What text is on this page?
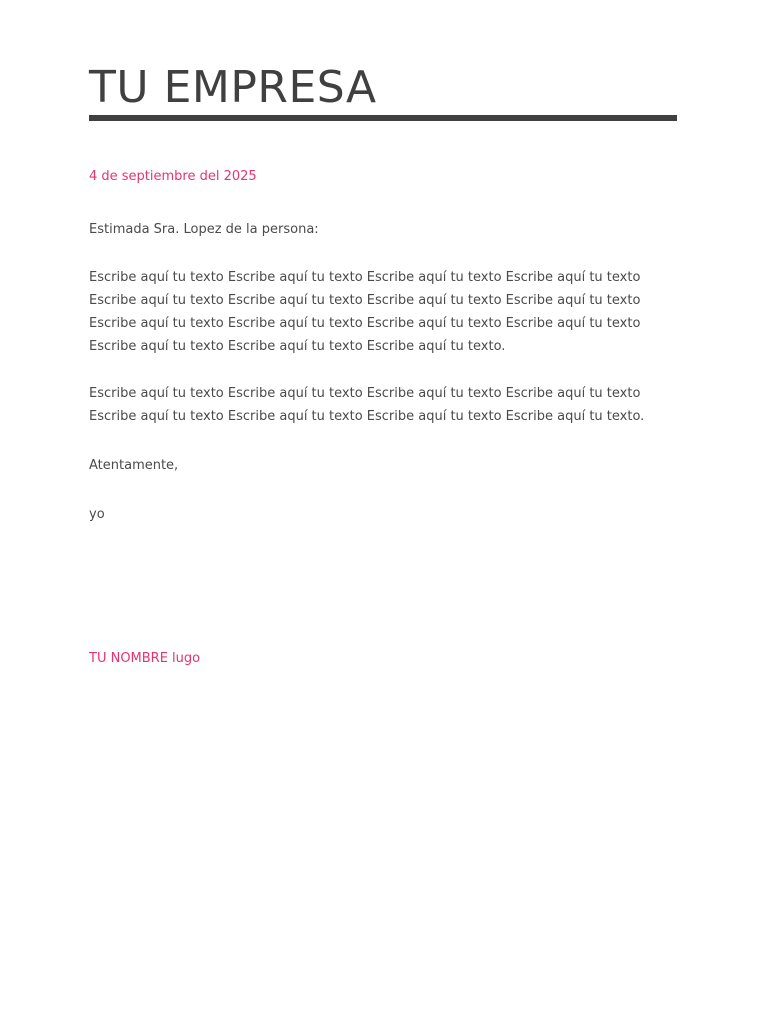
TU EMPRESA
4 de septiembre del 2025
Estimada Sra. Lopez de la persona:

Escribe aquí tu texto Escribe aquí tu texto Escribe aquí tu texto Escribe aquí tu texto Escribe aquí tu texto Escribe aquí tu texto Escribe aquí tu texto Escribe aquí tu texto Escribe aquí tu texto Escribe aquí tu texto Escribe aquí tu texto Escribe aquí tu texto Escribe aquí tu texto Escribe aquí tu texto Escribe aquí tu texto.

Escribe aquí tu texto Escribe aquí tu texto Escribe aquí tu texto Escribe aquí tu texto Escribe aquí tu texto Escribe aquí tu texto Escribe aquí tu texto Escribe aquí tu texto.

Atentamente,
yo
TU NOMBRE lugo
